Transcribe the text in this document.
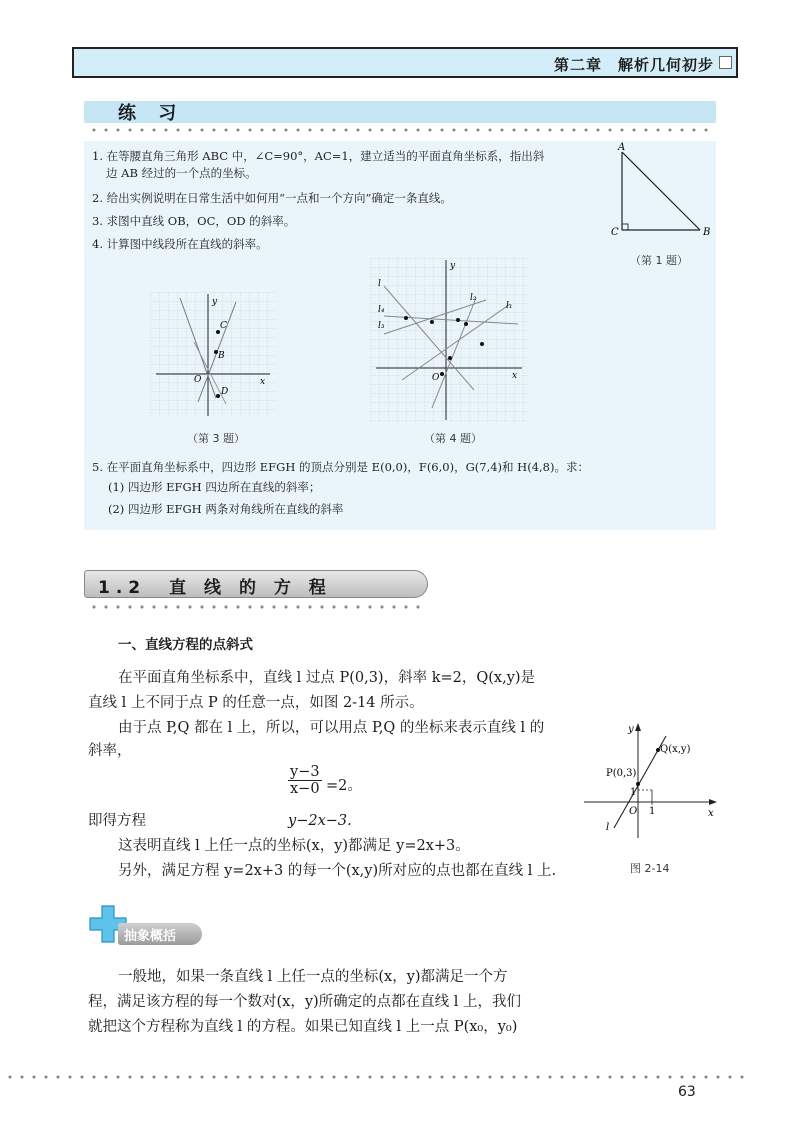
第二章　解析几何初步
练 习
1. 在等腰直角三角形 ABC 中，∠C=90°，AC=1，建立适当的平面直角坐标系，指出斜
边 AB 经过的一个点的坐标。
2. 给出实例说明在日常生活中如何用“一点和一个方向”确定一条直线。
3. 求图中直线 OB，OC，OD 的斜率。
4. 计算图中线段所在直线的斜率。
A
C	B
（第 1 题）
y
x
O
C
B
D
（第 3 题）
y
x
O
l
l₄
l₃
l₂
l₁
（第 4 题）
5. 在平面直角坐标系中，四边形 EFGH 的顶点分别是 E(0,0)，F(6,0)，G(7,4)和 H(4,8)。求：
(1) 四边形 EFGH 四边所在直线的斜率；
(2) 四边形 EFGH 两条对角线所在直线的斜率
1.2　直 线 的 方 程
一、直线方程的点斜式
在平面直角坐标系中，直线 l 过点 P(0,3)，斜率 k=2，Q(x,y)是
直线 l 上不同于点 P 的任意一点，如图 2-14 所示。
由于点 P,Q 都在 l 上，所以，可以用点 P,Q 的坐标来表示直线 l 的
斜率，
$\frac{y-3}{x-0} =2$。
即得方程	y−2x−3.
这表明直线 l 上任一点的坐标(x，y)都满足 y=2x+3。
另外，满足方程 y=2x+3 的每一个(x,y)所对应的点也都在直线 l 上.
y
x
O 1
1
P(0,3)
Q(x,y)
l
图 2-14
抽象概括
一般地，如果一条直线 l 上任一点的坐标(x，y)都满足一个方
程，满足该方程的每一个数对(x，y)所确定的点都在直线 l 上，我们
就把这个方程称为直线 l 的方程。如果已知直线 l 上一点 P(x₀，y₀)
63
